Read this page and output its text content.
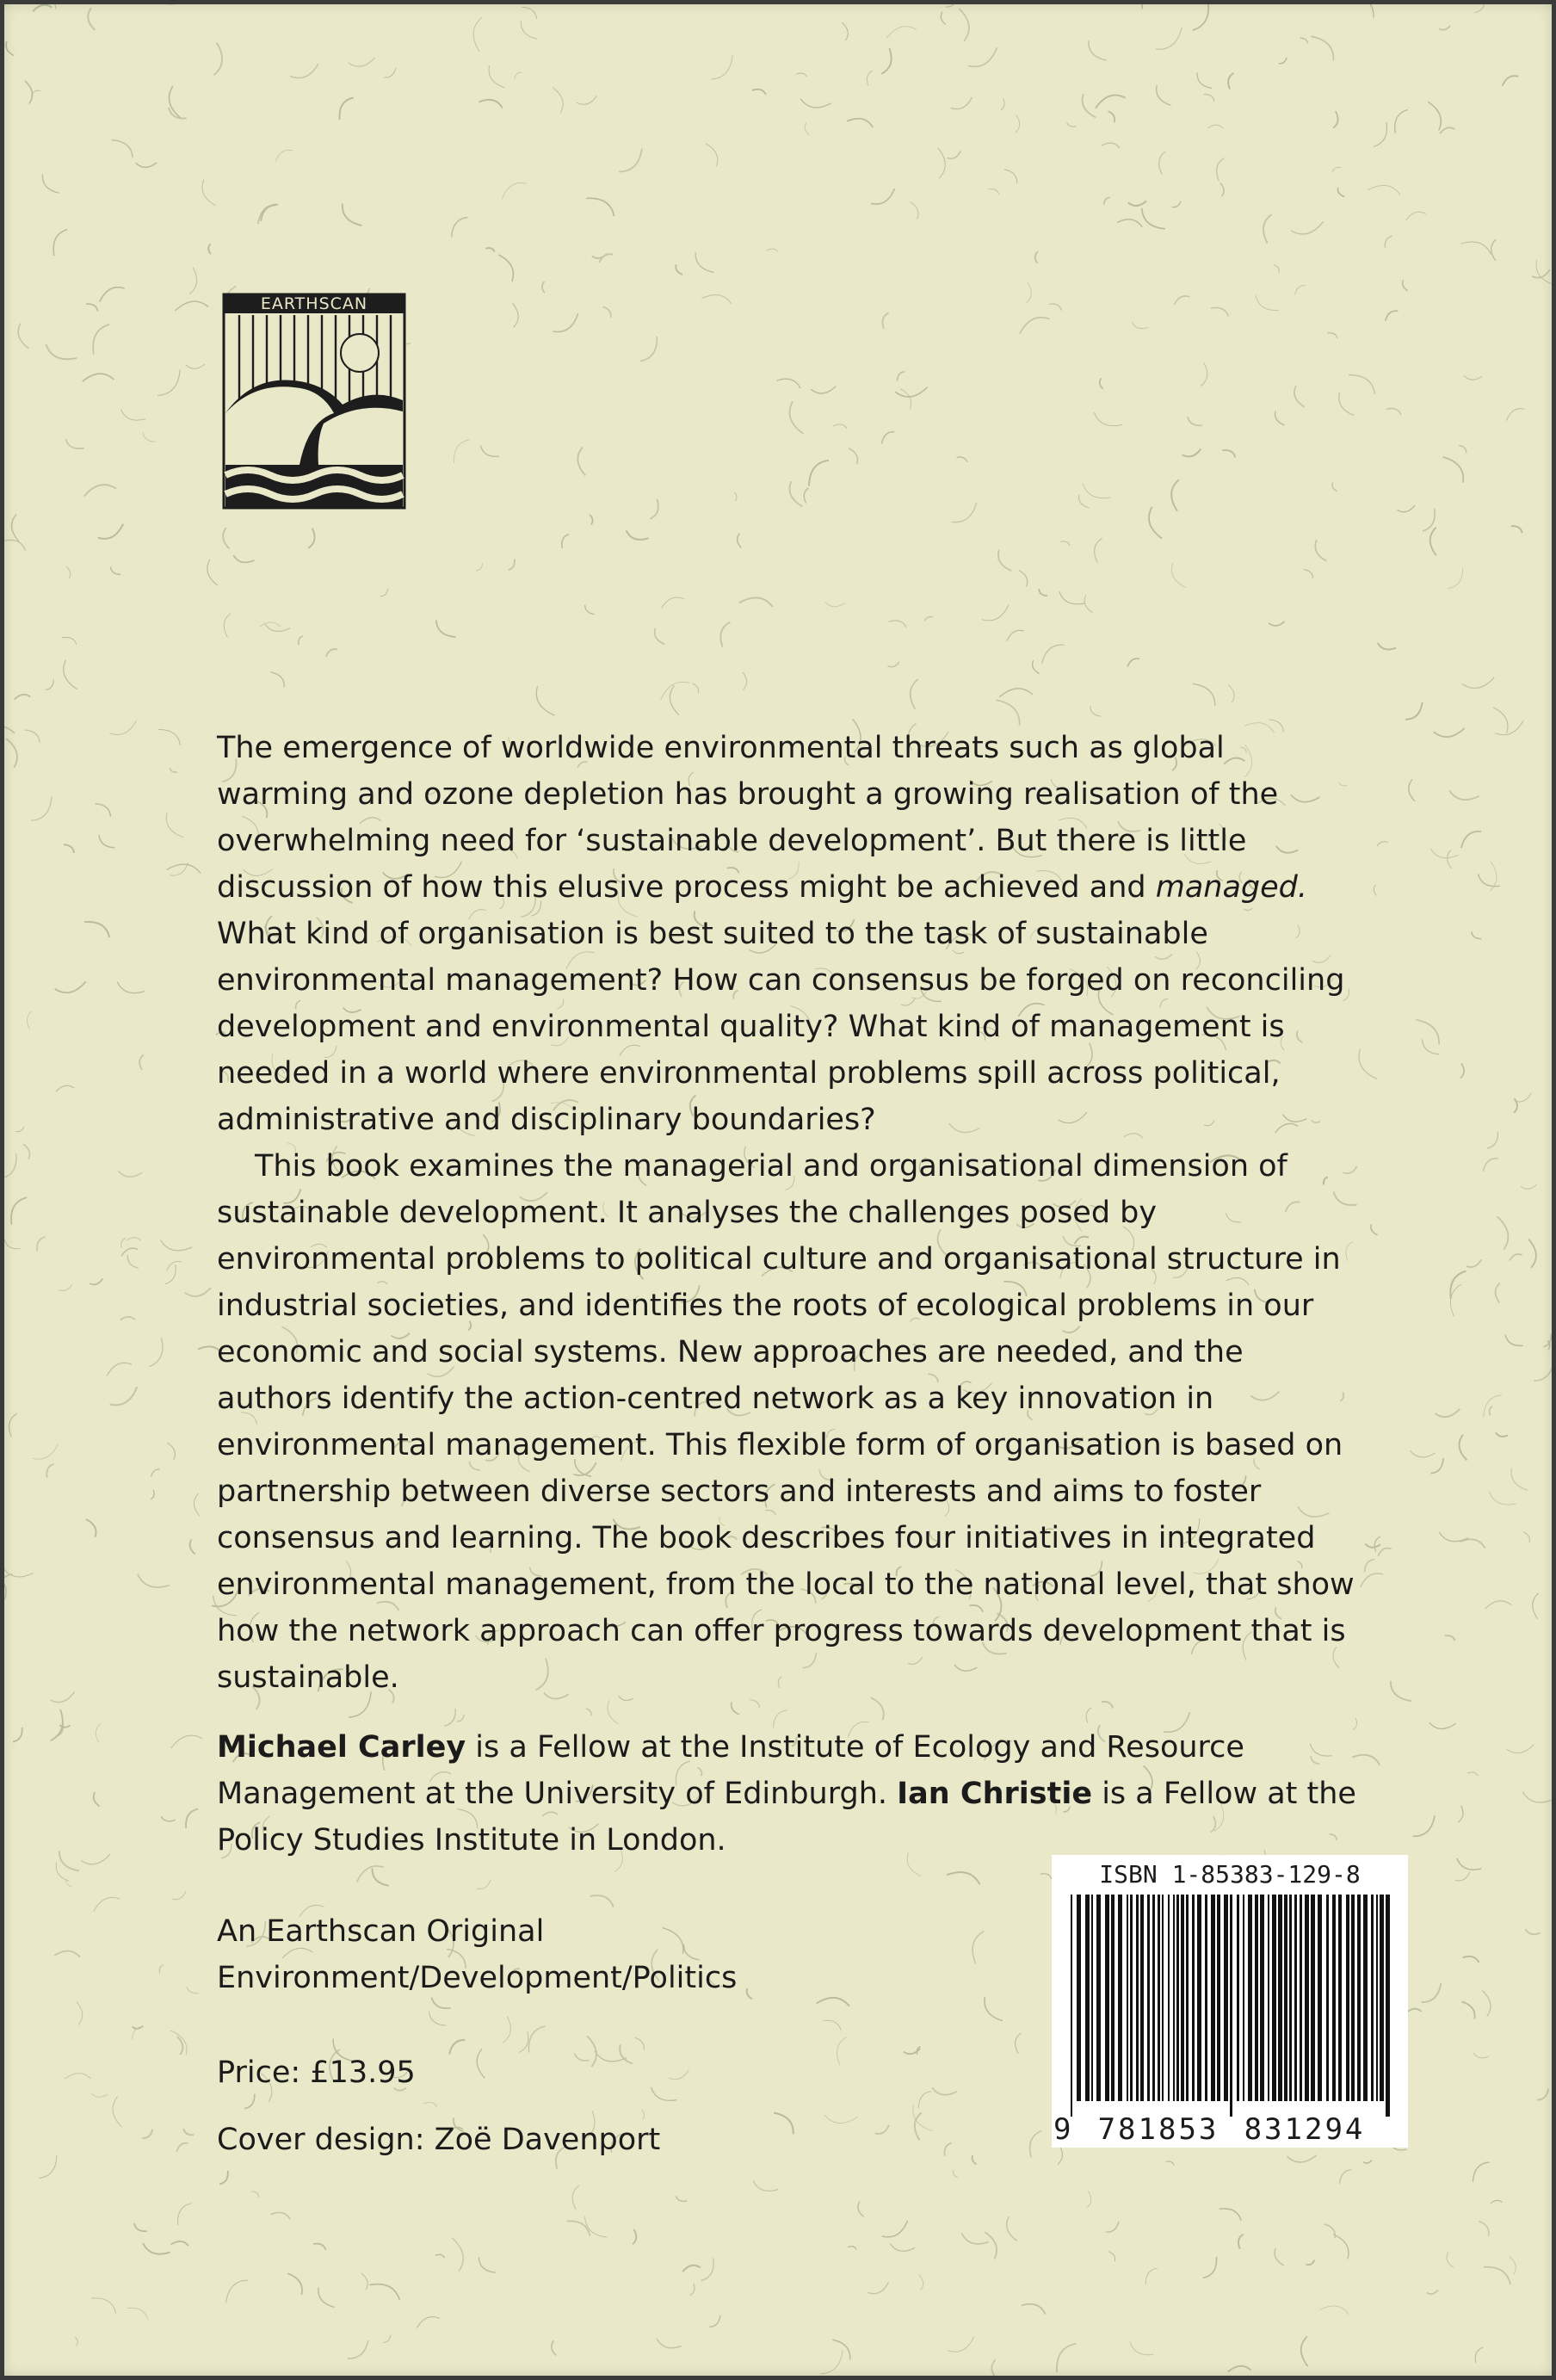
EARTHSCAN

The emergence of worldwide environmental threats such as global warming and ozone depletion has brought a growing realisation of the overwhelming need for ‘sustainable development’. But there is little discussion of how this elusive process might be achieved and managed. What kind of organisation is best suited to the task of sustainable environmental management? How can consensus be forged on reconciling development and environmental quality? What kind of management is needed in a world where environmental problems spill across political, administrative and disciplinary boundaries?

This book examines the managerial and organisational dimension of sustainable development. It analyses the challenges posed by environmental problems to political culture and organisational structure in industrial societies, and identifies the roots of ecological problems in our economic and social systems. New approaches are needed, and the authors identify the action-centred network as a key innovation in environmental management. This flexible form of organisation is based on partnership between diverse sectors and interests and aims to foster consensus and learning. The book describes four initiatives in integrated environmental management, from the local to the national level, that show how the network approach can offer progress towards development that is sustainable.

Michael Carley is a Fellow at the Institute of Ecology and Resource Management at the University of Edinburgh. Ian Christie is a Fellow at the Policy Studies Institute in London.

An Earthscan Original
Environment/Development/Politics
Price: £13.95
Cover design: Zoë Davenport
ISBN 1-85383-129-8
9 781853 831294
